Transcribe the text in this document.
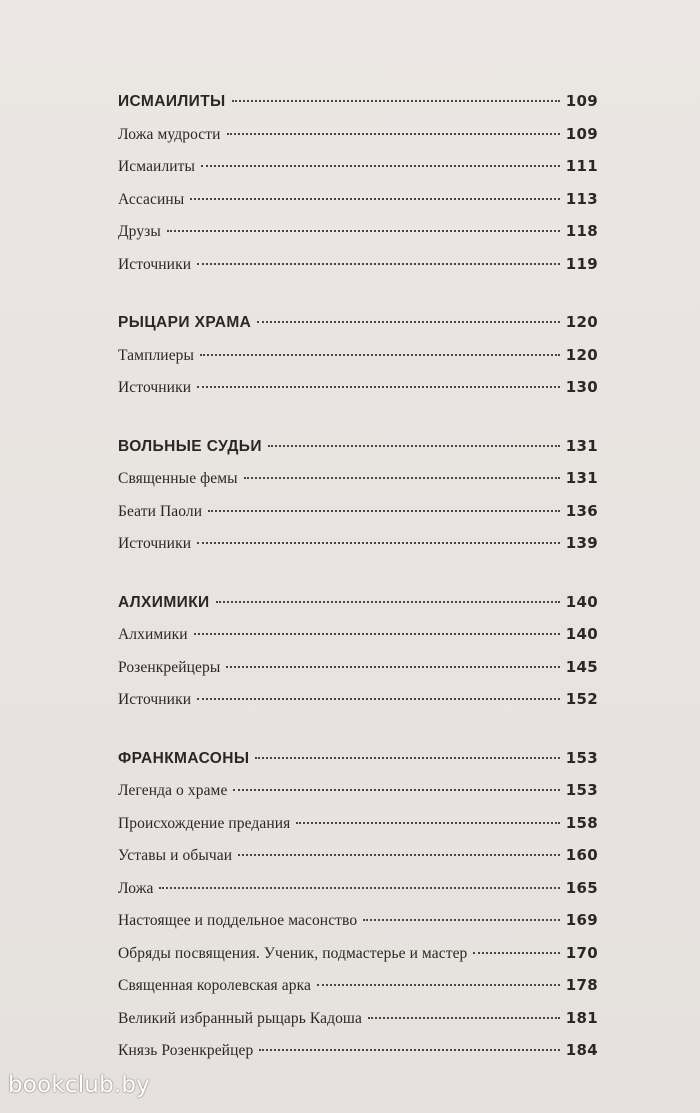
ИСМАИЛИТЫ	109
Ложа мудрости	109
Исмаилиты	111
Ассасины	113
Друзы	118
Источники	119
РЫЦАРИ ХРАМА	120
Тамплиеры	120
Источники	130
ВОЛЬНЫЕ СУДЬИ	131
Священные фемы	131
Беати Паоли	136
Источники	139
АЛХИМИКИ	140
Алхимики	140
Розенкрейцеры	145
Источники	152
ФРАНКМАСОНЫ	153
Легенда о храме	153
Происхождение предания	158
Уставы и обычаи	160
Ложа	165
Настоящее и поддельное масонство	169
Обряды посвящения. Ученик, подмастерье и мастер	170
Священная королевская арка	178
Великий избранный рыцарь Кадоша	181
Князь Розенкрейцер	184
bookclub.by
